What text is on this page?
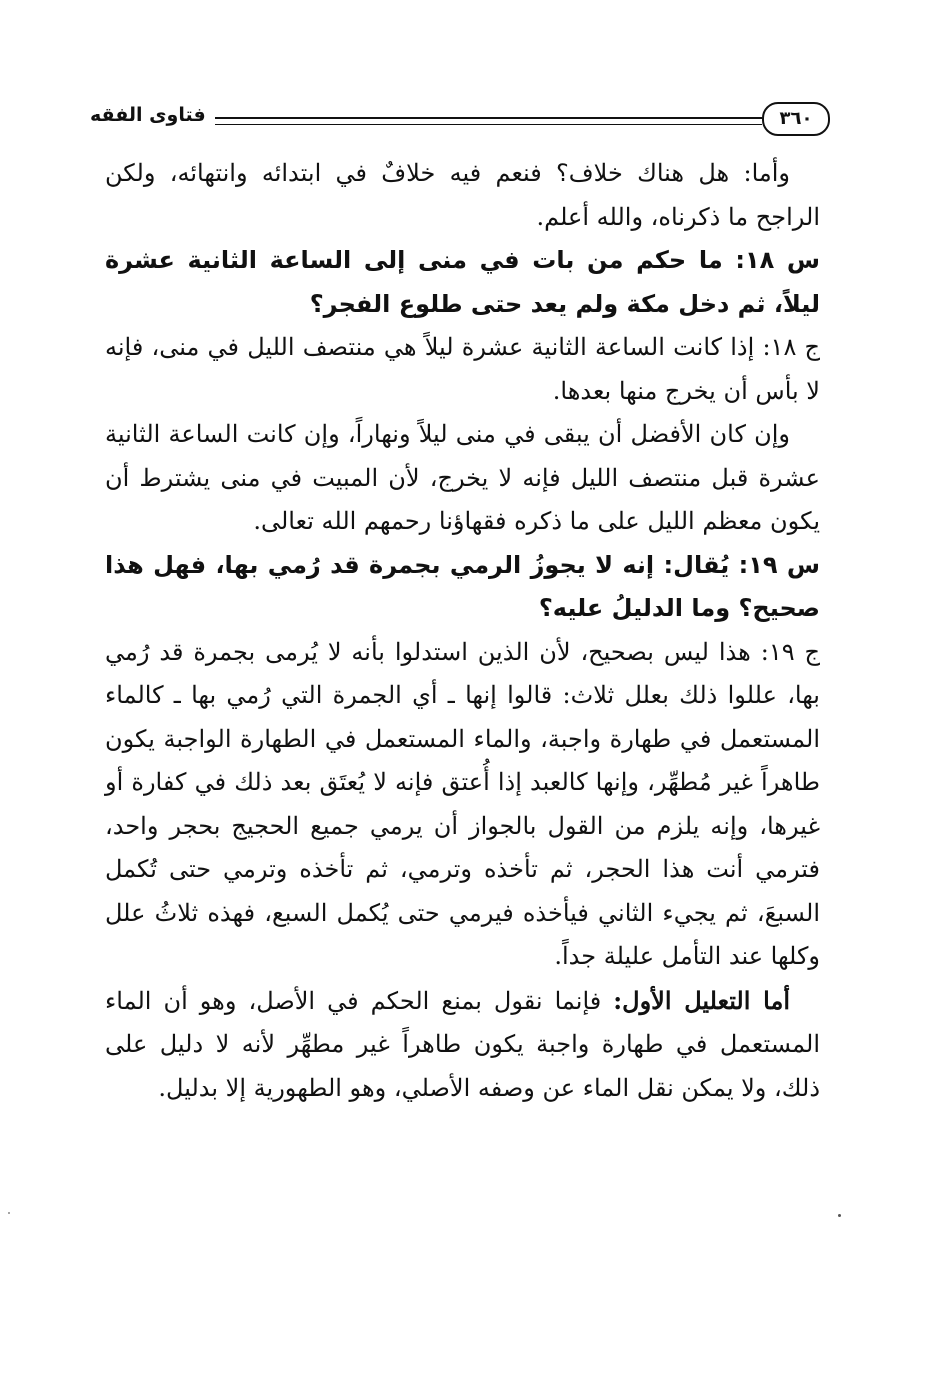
٣٦٠
فتاوى الفقه

وأما: هل هناك خلاف؟ فنعم فيه خلافٌ في ابتدائه وانتهائه، ولكن الراجح ما ذكرناه، والله أعلم.

س ١٨: ما حكم من بات في منى إلى الساعة الثانية عشرة ليلاً، ثم دخل مكة ولم يعد حتى طلوع الفجر؟

ج ١٨: إذا كانت الساعة الثانية عشرة ليلاً هي منتصف الليل في منى، فإنه لا بأس أن يخرج منها بعدها.

وإن كان الأفضل أن يبقى في منى ليلاً ونهاراً، وإن كانت الساعة الثانية عشرة قبل منتصف الليل فإنه لا يخرج، لأن المبيت في منى يشترط أن يكون معظم الليل على ما ذكره فقهاؤنا رحمهم الله تعالى.

س ١٩: يُقال: إنه لا يجوزُ الرمي بجمرة قد رُمي بها، فهل هذا صحيح؟ وما الدليلُ عليه؟

ج ١٩: هذا ليس بصحيح، لأن الذين استدلوا بأنه لا يُرمى بجمرة قد رُمي بها، عللوا ذلك بعلل ثلاث: قالوا إنها ـ أي الجمرة التي رُمي بها ـ كالماء المستعمل في طهارة واجبة، والماء المستعمل في الطهارة الواجبة يكون طاهراً غير مُطهِّر، وإنها كالعبد إذا أُعتق فإنه لا يُعتَق بعد ذلك في كفارة أو غيرها، وإنه يلزم من القول بالجواز أن يرمي جميع الحجيج بحجر واحد، فترمي أنت هذا الحجر، ثم تأخذه وترمي، ثم تأخذه وترمي حتى تُكمل السبعَ، ثم يجيء الثاني فيأخذه فيرمي حتى يُكمل السبع، فهذه ثلاثُ علل وكلها عند التأمل عليلة جداً.

أما التعليل الأول: فإنما نقول بمنع الحكم في الأصل، وهو أن الماء المستعمل في طهارة واجبة يكون طاهراً غير مطهِّر لأنه لا دليل على ذلك، ولا يمكن نقل الماء عن وصفه الأصلي، وهو الطهورية إلا بدليل.
